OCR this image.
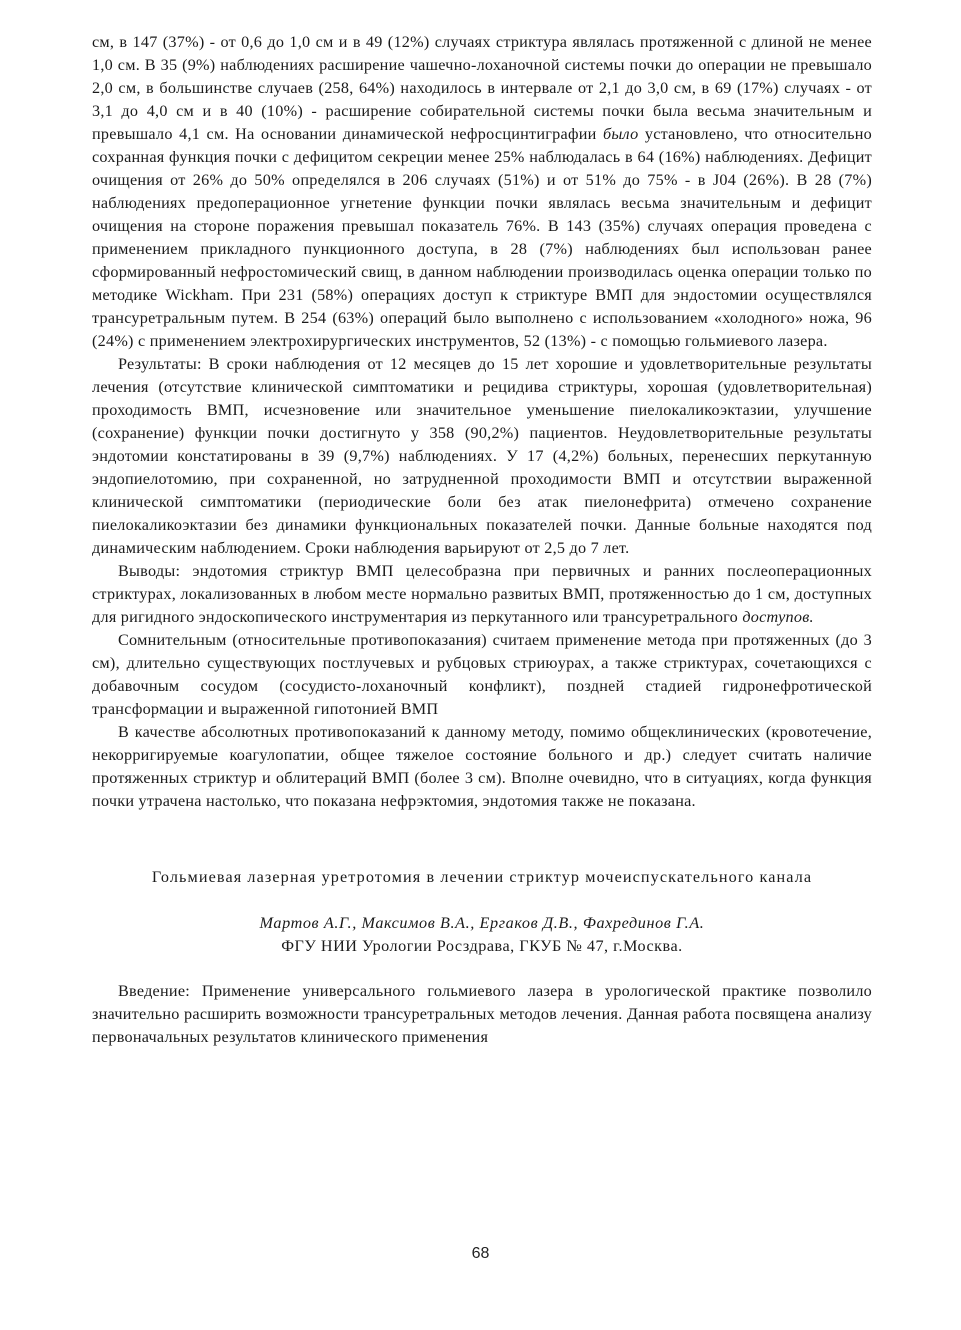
см, в 147 (37%) - от 0,6 до 1,0 см и в 49 (12%) случаях стриктура являлась протяженной с длиной не менее 1,0 см. В 35 (9%) наблюдениях расширение чашечно-лоханочной системы почки до операции не превышало 2,0 см, в большинстве случаев (258, 64%) находилось в интервале от 2,1 до 3,0 см, в 69 (17%) случаях - от 3,1 до 4,0 см и в 40 (10%) - расширение собирательной системы почки была весьма значительным и превышало 4,1 см. На основании динамической нефросцинтиграфии было установлено, что относительно сохранная функция почки с дефицитом секреции менее 25% наблюдалась в 64 (16%) наблюдениях. Дефицит очищения от 26% до 50% определялся в 206 случаях (51%) и от 51% до 75% - в J04 (26%). В 28 (7%) наблюдениях предоперационное угнетение функции почки являлась весьма значительным и дефицит очищения на стороне поражения превышал показатель 76%. В 143 (35%) случаях операция проведена с применением прикладного пункционного доступа, в 28 (7%) наблюдениях был использован ранее сформированный нефростомический свищ, в данном наблюдении производилась оценка операции только по методике Wickham. При 231 (58%) операциях доступ к стриктуре ВМП для эндостомии осуществлялся трансуретральным путем. В 254 (63%) операций было выполнено с использованием «холодного» ножа, 96 (24%) с применением электрохирургических инструментов, 52 (13%) - с помощью гольмиевого лазера.

Результаты: В сроки наблюдения от 12 месяцев до 15 лет хорошие и удовлетворительные результаты лечения (отсутствие клинической симптоматики и рецидива стриктуры, хорошая (удовлетворительная) проходимость ВМП, исчезновение или значительное уменьшение пиелокаликоэктазии, улучшение (сохранение) функции почки достигнуто у 358 (90,2%) пациентов. Неудовлетворительные результаты эндотомии констатированы в 39 (9,7%) наблюдениях. У 17 (4,2%) больных, перенесших перкутанную эндопиелотомию, при сохраненной, но затрудненной проходимости ВМП и отсутствии выраженной клинической симптоматики (периодические боли без атак пиелонефрита) отмечено сохранение пиелокаликоэктазии без динамики функциональных показателей почки. Данные больные находятся под динамическим наблюдением. Сроки наблюдения варьируют от 2,5 до 7 лет.

Выводы: эндотомия стриктур ВМП целесобразна при первичных и ранних послеоперационных стриктурах, локализованных в любом месте нормально развитых ВМП, протяженностью до 1 см, доступных для ригидного эндоскопического инструментария из перкутанного или трансуретрального доступов.

Сомнительным (относительные противопоказания) считаем применение метода при протяженных (до 3 см), длительно существующих постлучевых и рубцовых стриюурах, а также стриктурах, сочетающихся с добавочным сосудом (сосудисто-лоханочный конфликт), поздней стадией гидронефротической трансформации и выраженной гипотонией ВМП

В качестве абсолютных противопоказаний к данному методу, помимо общеклинических (кровотечение, некорригируемые коагулопатии, общее тяжелое состояние больного и др.) следует считать наличие протяженных стриктур и облитераций ВМП (более 3 см). Вполне очевидно, что в ситуациях, когда функция почки утрачена настолько, что показана нефрэктомия, эндотомия также не показана.

Гольмиевая лазерная уретротомия в лечении стриктур мочеиспускательного канала

Мартов А.Г., Максимов В.А., Ергаков Д.В., Фахрединов Г.А.

ФГУ НИИ Урологии Росздрава, ГКУБ № 47, г.Москва.

Введение: Применение универсального гольмиевого лазера в урологической практике позволило значительно расширить возможности трансуретральных методов лечения. Данная работа посвящена анализу первоначальных результатов клинического применения

68
